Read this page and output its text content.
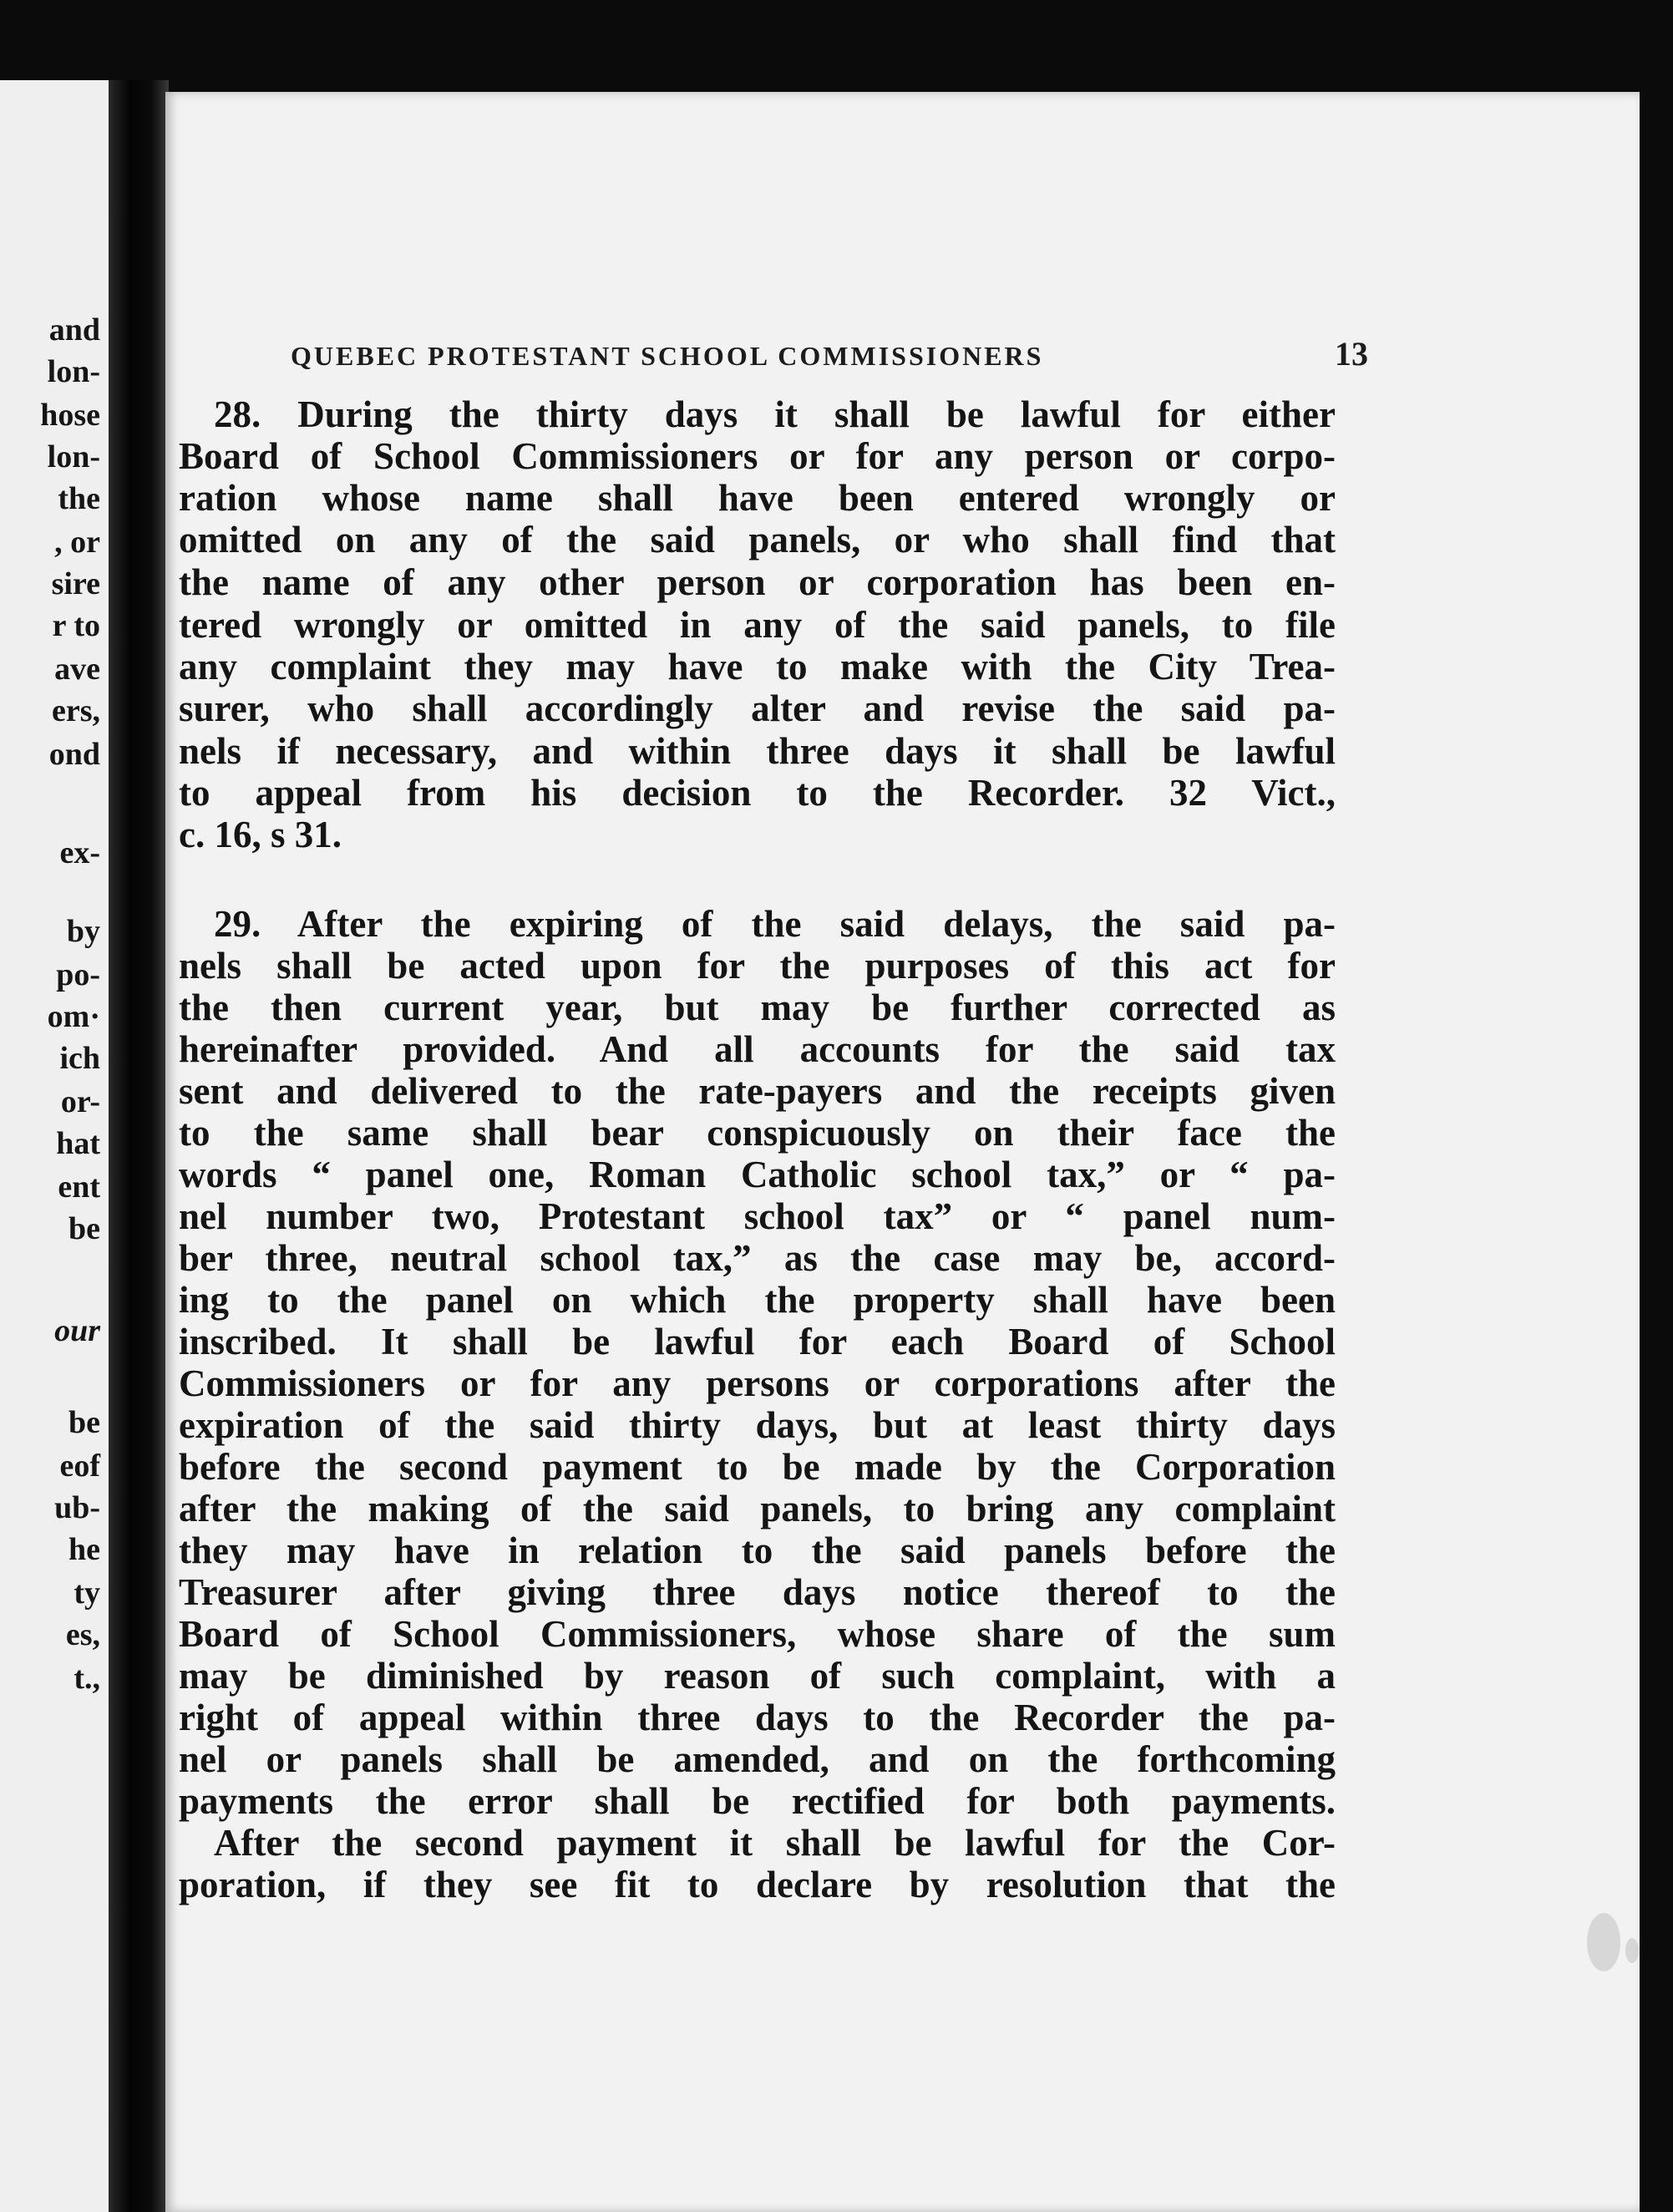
and
lon-
hose
lon-
the
, or
sire
r to
ave
ers,
ond
ex-
by
po-
om·
ich
or-
hat
ent
be
our
be
eof
ub-
he
ty
es,
t.,
QUEBEC PROTESTANT SCHOOL COMMISSIONERS	13
28. During the thirty days it shall be lawful for either
Board of School Commissioners or for any person or corpo-
ration whose name shall have been entered wrongly or
omitted on any of the said panels, or who shall find that
the name of any other person or corporation has been en-
tered wrongly or omitted in any of the said panels, to file
any complaint they may have to make with the City Trea-
surer, who shall accordingly alter and revise the said pa-
nels if necessary, and within three days it shall be lawful
to appeal from his decision to the Recorder. 32 Vict.,
c. 16, s 31.
29. After the expiring of the said delays, the said pa-
nels shall be acted upon for the purposes of this act for
the then current year, but may be further corrected as
hereinafter provided. And all accounts for the said tax
sent and delivered to the rate-payers and the receipts given
to the same shall bear conspicuously on their face the
words “ panel one, Roman Catholic school tax,” or “ pa-
nel number two, Protestant school tax” or “ panel num-
ber three, neutral school tax,” as the case may be, accord-
ing to the panel on which the property shall have been
inscribed. It shall be lawful for each Board of School
Commissioners or for any persons or corporations after the
expiration of the said thirty days, but at least thirty days
before the second payment to be made by the Corporation
after the making of the said panels, to bring any complaint
they may have in relation to the said panels before the
Treasurer after giving three days notice thereof to the
Board of School Commissioners, whose share of the sum
may be diminished by reason of such complaint, with a
right of appeal within three days to the Recorder the pa-
nel or panels shall be amended, and on the forthcoming
payments the error shall be rectified for both payments.
After the second payment it shall be lawful for the Cor-
poration, if they see fit to declare by resolution that the
